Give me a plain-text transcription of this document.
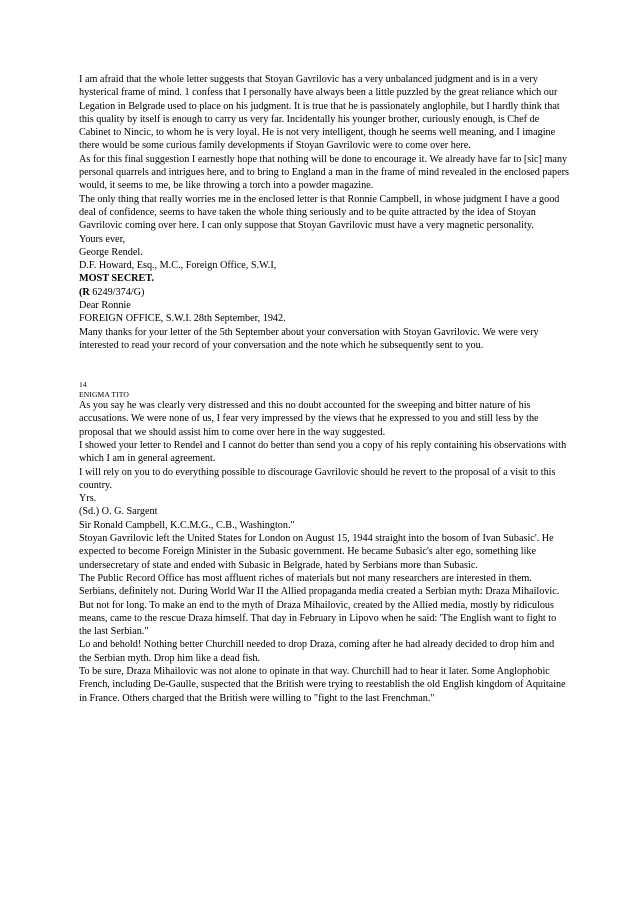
I am afraid that the whole letter suggests that Stoyan Gavrilovic has a very unbalanced judgment and is in a very hysterical frame of mind. 1 confess that I personally have always been a little puzzled by the great reliance which our Legation in Belgrade used to place on his judgment. It is true that he is passionately anglophile, but I hardly think that this quality by itself is enough to carry us very far. Incidentally his younger brother, curiously enough, is Chef de Cabinet to Nincic, to whom he is very loyal. He is not very intelligent, though he seems well meaning, and I imagine there would be some curious family developments if Stoyan Gavrilovic were to come over here.

As for this final suggestion I earnestly hope that nothing will be done to encourage it. We already have far to [sic] many personal quarrels and intrigues here, and to bring to England a man in the frame of mind revealed in the enclosed papers would, it seems to me, be like throwing a torch into a powder magazine.

The only thing that really worries me in the enclosed letter is that Ronnie Campbell, in whose judgment I have a good deal of confidence, seems to have taken the whole thing seriously and to be quite attracted by the idea of Stoyan Gavrilovic coming over here. I can only suppose that Stoyan Gavrilovic must have a very magnetic personality.

Yours ever,

George Rendel.

D.F. Howard, Esq., M.C., Foreign Office, S.W.I,

MOST SECRET.

(R 6249/374/G)

Dear Ronnie

FOREIGN OFFICE, S.W.I. 28th September, 1942.

Many thanks for your letter of the 5th September about your conversation with Stoyan Gavrilovic. We were very interested to read your record of your conversation and the note which he subsequently sent to you.

14

ENIGMA TITO

As you say he was clearly very distressed and this no doubt accounted for the sweeping and bitter nature of his accusations. We were none of us, I fear very impressed by the views that he expressed to you and still less by the proposal that we should assist him to come over here in the way suggested.

I showed your letter to Rendel and I cannot do better than send you a copy of his reply containing his observations with which I am in general agreement.

I will rely on you to do everything possible to discourage Gavrilovic should he revert to the proposal of a visit to this country.

Yrs.

(Sd.) O. G. Sargent

Sir Ronald Campbell, K.C.M.G., C.B., Washington."

Stoyan Gavrilovic left the United States for London on August 15, 1944 straight into the bosom of Ivan Subasic'. He expected to become Foreign Minister in the Subasic government. He became Subasic's alter ego, something like undersecretary of state and ended with Subasic in Belgrade, hated by Serbians more than Subasic.

The Public Record Office has most affluent riches of materials but not many researchers are interested in them. Serbians, definitely not. During World War II the Allied propaganda media created a Serbian myth: Draza Mihailovic. But not for long. To make an end to the myth of Draza Mihailovic, created by the Allied media, mostly by ridiculous means, came to the rescue Draza himself. That day in February in Lipovo when he said: 'The English want to fight to the last Serbian."

Lo and behold! Nothing better Churchill needed to drop Draza, coming after he had already decided to drop him and the Serbian myth. Drop him like a dead fish.

To be sure, Draza Mihailovic was not alone to opinate in that way. Churchill had to hear it later. Some Anglophobic French, including De-Gaulle, suspected that the British were trying to reestablish the old English kingdom of Aquitaine in France. Others charged that the British were willing to "fight to the last Frenchman."
